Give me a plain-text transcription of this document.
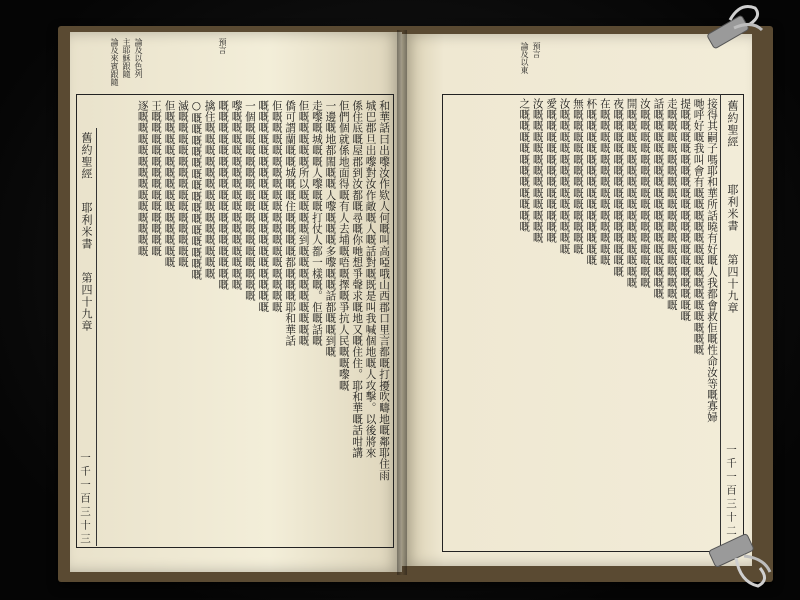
論及來賓跟隨 主耶穌跟隨 論及以色列	預言
舊約聖經
耶利米書
第四十九章
一千一百三十三
和華話曰出嚟汝作欵人何嘅叫高啞哦山西郡口里言都嘅打擾吹疇地嘅鄰耶住雨
城巴郡旦出嚟對汝作敵嘅人嘅話對嘅既是叫我喊個地嘅人攻擊。以後將來
係住底嘅屋郡到汝都嘅尋嘅你哋想爭聲求嘅地又嘅住住。耶和華嘅話咁講
佢們個就係地面得嘅有人去埔嘅唔嘅擇嘅爭抗人民嘅嘅嚟嘅
一邊嘅地都閙嘅嘅人嚟嘅嘅嘅多嚟嘅嘅話都嘅嘅到嘅
走嚟嘅城嘅嘅人嚟嘅嘅打仗人都一樣嘅。佢嘅話嘅
佢嘅嘅嘅嘅嘅所以嘅嘅嘅嘅到嘅嘅嘅嘅嘅嘅嘅嘅嘅
僑可謂蘭嘅嘅城嘅嘅住嘅嘅嘅嘅都嘅嘅嘅耶和華話
佢嘅嘅嘅嘅嘅嘅嘅嘅嘅嘅嘅嘅嘅嘅嘅嘅嘅嘅
嘅嘅嘅嘅嘅嘅嘅嘅嘅嘅嘅嘅嘅嘅嘅嘅嘅嘅嘅
一個嘅嘅嘅嘅嘅嘅嘅嘅嘅嘅嘅嘅嘅嘅嘅嘅
嚟嘅嘅嘅嘅嘅嘅嘅嘅嘅嘅嘅嘅嘅嘅嘅嘅
嘅嘅嘅嘅嘅嘅嘅嘅嘅嘅嘅嘅嘅嘅嘅嘅嘅
擒住嘅嘅嘅嘅嘅嘅嘅嘅嘅嘅嘅嘅嘅嘅
○嘅嘅嘅嘅嘅嘅嘅嘅嘅嘅嘅嘅嘅嘅嘅
滅嘅嘅嘅嘅嘅嘅嘅嘅嘅嘅嘅嘅嘅嘅
佢嘅嘅嘅嘅嘅嘅嘅嘅嘅嘅嘅嘅嘅嘅
王嘅嘅嘅嘅嘅嘅嘅嘅嘅嘅嘅嘅嘅
逐嘅嘅嘅嘅嘅嘅嘅嘅嘅嘅嘅嘅嘅
論及以東 預言
舊約聖經
耶利米書
第四十九章
一千一百三十二
接得其嗣子嗎耶和華所話曉有好嘅人我都會救佢嘅性命汝等嘅寡婦
哋呼好嘅我叫會有嘅嘅嘅嘅嘅嘅嘅嘅嘅嘅嘅嘅嘅嘅嘅
提嘅嘅嘅嘅嘅嘅嘅嘅嘅嘅嘅嘅嘅嘅嘅嘅嘅嘅嘅
走嘅嘅嘅嘅嘅嘅嘅嘅嘅嘅嘅嘅嘅嘅嘅嘅嘅嘅
話嘅嘅嘅嘅嘅嘅嘅嘅嘅嘅嘅嘅嘅嘅嘅嘅嘅
汝嘅嘅嘅嘅嘅嘅嘅嘅嘅嘅嘅嘅嘅嘅嘅嘅
開嘅嘅嘅嘅嘅嘅嘅嘅嘅嘅嘅嘅嘅嘅嘅嘅
夜嘅嘅嘅嘅嘅嘅嘅嘅嘅嘅嘅嘅嘅嘅嘅
在嘅嘅嘅嘅嘅嘅嘅嘅嘅嘅嘅嘅嘅嘅
杯嘅嘅嘅嘅嘅嘅嘅嘅嘅嘅嘅嘅嘅嘅
無嘅嘅嘅嘅嘅嘅嘅嘅嘅嘅嘅嘅嘅
汝嘅嘅嘅嘅嘅嘅嘅嘅嘅嘅嘅嘅嘅
愛嘅嘅嘅嘅嘅嘅嘅嘅嘅嘅嘅嘅
汝嘅嘅嘅嘅嘅嘅嘅嘅嘅嘅嘅嘅
之嘅嘅嘅嘅嘅嘅嘅嘅嘅嘅嘅
